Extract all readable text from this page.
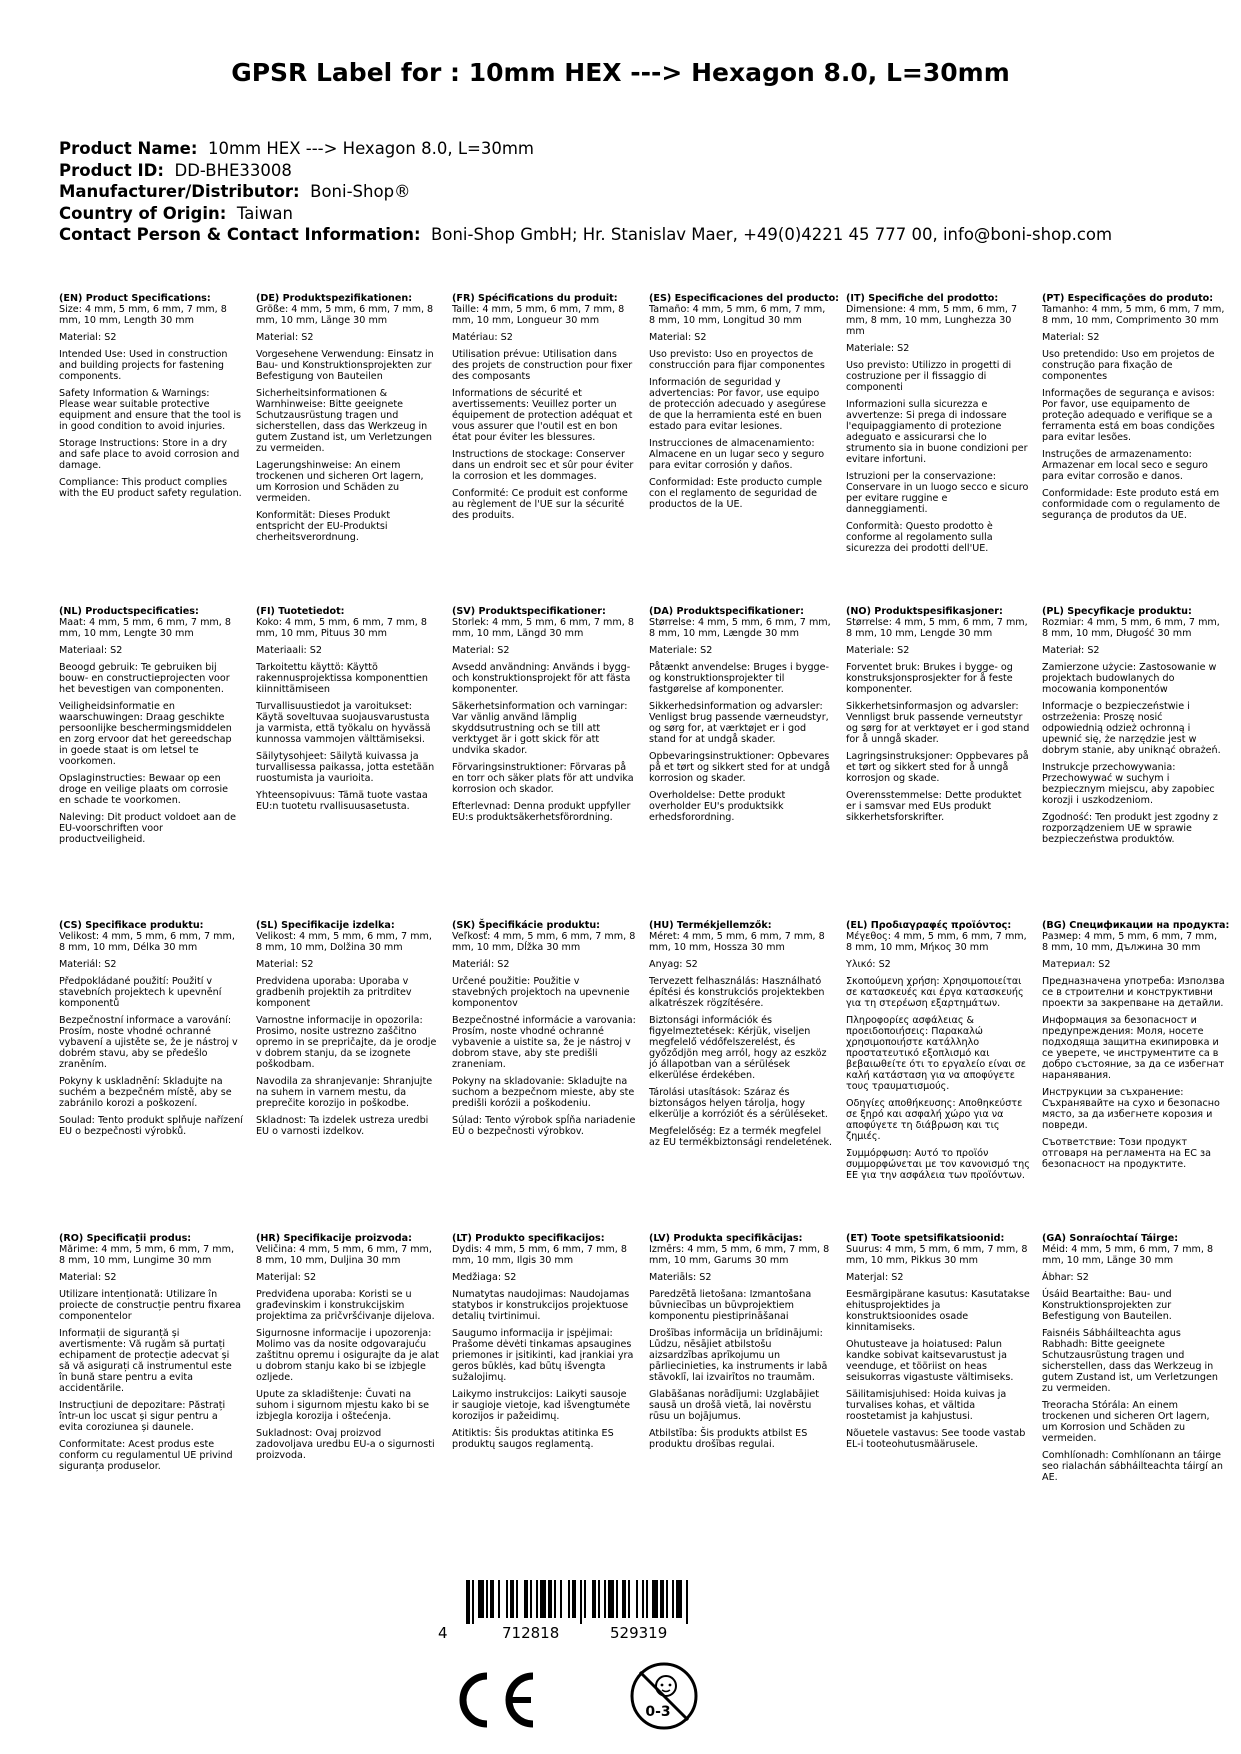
GPSR Label for : 10mm HEX ---> Hexagon 8.0, L=30mm
Product Name: 10mm HEX ---> Hexagon 8.0, L=30mm
Product ID: DD-BHE33008
Manufacturer/Distributor: Boni-Shop®
Country of Origin: Taiwan
Contact Person & Contact Information: Boni-Shop GmbH; Hr. Stanislav Maer, +49(0)4221 45 777 00, info@boni-shop.com
(EN) Product Specifications:

Size: 4 mm, 5 mm, 6 mm, 7 mm, 8 mm, 10 mm, Length 30 mm

Material: S2

Intended Use: Used in construction and building projects for fastening components.

Safety Information & Warnings: Please wear suitable protective equipment and ensure that the tool is in good condition to avoid injuries.

Storage Instructions: Store in a dry and safe place to avoid corrosion and damage.

Compliance: This product complies with the EU product safety regulation.

(DE) Produktspezifikationen:

Größe: 4 mm, 5 mm, 6 mm, 7 mm, 8 mm, 10 mm, Länge 30 mm

Material: S2

Vorgesehene Verwendung: Einsatz in Bau- und Konstruktionsprojekten zur Befestigung von Bauteilen

Sicherheitsinformationen & Warnhinweise: Bitte geeignete Schutzausrüstung tragen und sicherstellen, dass das Werkzeug in gutem Zustand ist, um Verletzungen zu vermeiden.

Lagerungshinweise: An einem trockenen und sicheren Ort lagern, um Korrosion und Schäden zu vermeiden.

Konformität: Dieses Produkt entspricht der EU-Produktsi cherheitsverordnung.

(FR) Spécifications du produit:

Taille: 4 mm, 5 mm, 6 mm, 7 mm, 8 mm, 10 mm, Longueur 30 mm

Matériau: S2

Utilisation prévue: Utilisation dans des projets de construction pour fixer des composants

Informations de sécurité et avertissements: Veuillez porter un équipement de protection adéquat et vous assurer que l'outil est en bon état pour éviter les blessures.

Instructions de stockage: Conserver dans un endroit sec et sûr pour éviter la corrosion et les dommages.

Conformité: Ce produit est conforme au règlement de l'UE sur la sécurité des produits.

(ES) Especificaciones del producto:

Tamaño: 4 mm, 5 mm, 6 mm, 7 mm, 8 mm, 10 mm, Longitud 30 mm

Material: S2

Uso previsto: Uso en proyectos de construcción para fijar componentes

Información de seguridad y advertencias: Por favor, use equipo de protección adecuado y asegúrese de que la herramienta esté en buen estado para evitar lesiones.

Instrucciones de almacenamiento: Almacene en un lugar seco y seguro para evitar corrosión y daños.

Conformidad: Este producto cumple con el reglamento de seguridad de productos de la UE.

(IT) Specifiche del prodotto:

Dimensione: 4 mm, 5 mm, 6 mm, 7 mm, 8 mm, 10 mm, Lunghezza 30 mm

Materiale: S2

Uso previsto: Utilizzo in progetti di costruzione per il fissaggio di componenti

Informazioni sulla sicurezza e avvertenze: Si prega di indossare l'equipaggiamento di protezione adeguato e assicurarsi che lo strumento sia in buone condizioni per evitare infortuni.

Istruzioni per la conservazione: Conservare in un luogo secco e sicuro per evitare ruggine e danneggiamenti.

Conformità: Questo prodotto è conforme al regolamento sulla sicurezza dei prodotti dell'UE.

(PT) Especificações do produto:

Tamanho: 4 mm, 5 mm, 6 mm, 7 mm, 8 mm, 10 mm, Comprimento 30 mm

Material: S2

Uso pretendido: Uso em projetos de construção para fixação de componentes

Informações de segurança e avisos: Por favor, use equipamento de proteção adequado e verifique se a ferramenta está em boas condições para evitar lesões.

Instruções de armazenamento: Armazenar em local seco e seguro para evitar corrosão e danos.

Conformidade: Este produto está em conformidade com o regulamento de segurança de produtos da UE.

(NL) Productspecificaties:

Maat: 4 mm, 5 mm, 6 mm, 7 mm, 8 mm, 10 mm, Lengte 30 mm

Materiaal: S2

Beoogd gebruik: Te gebruiken bij bouw- en constructieprojecten voor het bevestigen van componenten.

Veiligheidsinformatie en waarschuwingen: Draag geschikte persoonlijke beschermingsmiddelen en zorg ervoor dat het gereedschap in goede staat is om letsel te voorkomen.

Opslaginstructies: Bewaar op een droge en veilige plaats om corrosie en schade te voorkomen.

Naleving: Dit product voldoet aan de EU-voorschriften voor productveiligheid.

(FI) Tuotetiedot:

Koko: 4 mm, 5 mm, 6 mm, 7 mm, 8 mm, 10 mm, Pituus 30 mm

Materiaali: S2

Tarkoitettu käyttö: Käyttö rakennusprojektissa komponenttien kiinnittämiseen

Turvallisuustiedot ja varoitukset: Käytä soveltuvaa suojausvarustusta ja varmista, että työkalu on hyvässä kunnossa vammojen välttämiseksi.

Säilytysohjeet: Säilytä kuivassa ja turvallisessa paikassa, jotta estetään ruostumista ja vaurioita.

Yhteensopivuus: Tämä tuote vastaa EU:n tuotetu rvallisuusasetusta.

(SV) Produktspecifikationer:

Storlek: 4 mm, 5 mm, 6 mm, 7 mm, 8 mm, 10 mm, Längd 30 mm

Material: S2

Avsedd användning: Används i bygg- och konstruktionsprojekt för att fästa komponenter.

Säkerhetsinformation och varningar: Var vänlig använd lämplig skyddsutrustning och se till att verktyget är i gott skick för att undvika skador.

Förvaringsinstruktioner: Förvaras på en torr och säker plats för att undvika korrosion och skador.

Efterlevnad: Denna produkt uppfyller EU:s produktsäkerhetsförordning.

(DA) Produktspecifikationer:

Størrelse: 4 mm, 5 mm, 6 mm, 7 mm, 8 mm, 10 mm, Længde 30 mm

Materiale: S2

Påtænkt anvendelse: Bruges i bygge- og konstruktionsprojekter til fastgørelse af komponenter.

Sikkerhedsinformation og advarsler: Venligst brug passende værneudstyr, og sørg for, at værktøjet er i god stand for at undgå skader.

Opbevaringsinstruktioner: Opbevares på et tørt og sikkert sted for at undgå korrosion og skader.

Overholdelse: Dette produkt overholder EU's produktsikk erhedsforordning.

(NO) Produktspesifikasjoner:

Størrelse: 4 mm, 5 mm, 6 mm, 7 mm, 8 mm, 10 mm, Lengde 30 mm

Materiale: S2

Forventet bruk: Brukes i bygge- og konstruksjonsprosjekter for å feste komponenter.

Sikkerhetsinformasjon og advarsler: Vennligst bruk passende verneutstyr og sørg for at verktøyet er i god stand for å unngå skader.

Lagringsinstruksjoner: Oppbevares på et tørt og sikkert sted for å unngå korrosjon og skade.

Overensstemmelse: Dette produktet er i samsvar med EUs produkt sikkerhetsforskrifter.

(PL) Specyfikacje produktu:

Rozmiar: 4 mm, 5 mm, 6 mm, 7 mm, 8 mm, 10 mm, Długość 30 mm

Materiał: S2

Zamierzone użycie: Zastosowanie w projektach budowlanych do mocowania komponentów

Informacje o bezpieczeństwie i ostrzeżenia: Proszę nosić odpowiednią odzież ochronną i upewnić się, że narzędzie jest w dobrym stanie, aby uniknąć obrażeń.

Instrukcje przechowywania: Przechowywać w suchym i bezpiecznym miejscu, aby zapobiec korozji i uszkodzeniom.

Zgodność: Ten produkt jest zgodny z rozporządzeniem UE w sprawie bezpieczeństwa produktów.

(CS) Specifikace produktu:

Velikost: 4 mm, 5 mm, 6 mm, 7 mm, 8 mm, 10 mm, Délka 30 mm

Materiál: S2

Předpokládané použití: Použití v stavebních projektech k upevnění komponentů

Bezpečnostní informace a varování: Prosím, noste vhodné ochranné vybavení a ujistěte se, že je nástroj v dobrém stavu, aby se předešlo zraněním.

Pokyny k uskladnění: Skladujte na suchém a bezpečném místě, aby se zabránilo korozi a poškození.

Soulad: Tento produkt splňuje nařízení EU o bezpečnosti výrobků.

(SL) Specifikacije izdelka:

Velikost: 4 mm, 5 mm, 6 mm, 7 mm, 8 mm, 10 mm, Dolžina 30 mm

Material: S2

Predvidena uporaba: Uporaba v gradbenih projektih za pritrditev komponent

Varnostne informacije in opozorila: Prosimo, nosite ustrezno zaščitno opremo in se prepričajte, da je orodje v dobrem stanju, da se izognete poškodbam.

Navodila za shranjevanje: Shranjujte na suhem in varnem mestu, da preprečite korozijo in poškodbe.

Skladnost: Ta izdelek ustreza uredbi EU o varnosti izdelkov.

(SK) Špecifikácie produktu:

Veľkosť: 4 mm, 5 mm, 6 mm, 7 mm, 8 mm, 10 mm, Dĺžka 30 mm

Materiál: S2

Určené použitie: Použitie v stavebných projektoch na upevnenie komponentov

Bezpečnostné informácie a varovania: Prosím, noste vhodné ochranné vybavenie a uistite sa, že je nástroj v dobrom stave, aby ste predišli zraneniam.

Pokyny na skladovanie: Skladujte na suchom a bezpečnom mieste, aby ste predišli korózii a poškodeniu.

Súlad: Tento výrobok spĺňa nariadenie EÚ o bezpečnosti výrobkov.

(HU) Termékjellemzők:

Méret: 4 mm, 5 mm, 6 mm, 7 mm, 8 mm, 10 mm, Hossza 30 mm

Anyag: S2

Tervezett felhasználás: Használható építési és konstrukciós projektekben alkatrészek rögzítésére.

Biztonsági információk és figyelmeztetések: Kérjük, viseljen megfelelő védőfelszerelést, és győződjön meg arról, hogy az eszköz jó állapotban van a sérülések elkerülése érdekében.

Tárolási utasítások: Száraz és biztonságos helyen tárolja, hogy elkerülje a korróziót és a sérüléseket.

Megfelelőség: Ez a termék megfelel az EU termékbiztonsági rendeletének.

(EL) Προδιαγραφές προϊόντος:

Μέγεθος: 4 mm, 5 mm, 6 mm, 7 mm, 8 mm, 10 mm, Μήκος 30 mm

Υλικό: S2

Σκοπούμενη χρήση: Χρησιμοποιείται σε κατασκευές και έργα κατασκευής για τη στερέωση εξαρτημάτων.

Πληροφορίες ασφάλειας & προειδοποιήσεις: Παρακαλώ χρησιμοποιήστε κατάλληλο προστατευτικό εξοπλισμό και βεβαιωθείτε ότι το εργαλείο είναι σε καλή κατάσταση για να αποφύγετε τους τραυματισμούς.

Οδηγίες αποθήκευσης: Αποθηκεύστε σε ξηρό και ασφαλή χώρο για να αποφύγετε τη διάβρωση και τις ζημιές.

Συμμόρφωση: Αυτό το προϊόν συμμορφώνεται με τον κανονισμό της ΕΕ για την ασφάλεια των προϊόντων.

(BG) Спецификации на продукта:

Размер: 4 mm, 5 mm, 6 mm, 7 mm, 8 mm, 10 mm, Дължина 30 mm

Материал: S2

Предназначена употреба: Използва се в строителни и конструктивни проекти за закрепване на детайли.

Информация за безопасност и предупреждения: Моля, носете подходяща защитна екипировка и се уверете, че инструментите са в добро състояние, за да се избегнат наранявания.

Инструкции за съхранение: Съхранявайте на сухо и безопасно място, за да избегнете корозия и повреди.

Съответствие: Този продукт отговаря на регламента на ЕС за безопасност на продуктите.

(RO) Specificații produs:

Mărime: 4 mm, 5 mm, 6 mm, 7 mm, 8 mm, 10 mm, Lungime 30 mm

Material: S2

Utilizare intenționată: Utilizare în proiecte de construcție pentru fixarea componentelor

Informații de siguranță și avertismente: Vă rugăm să purtați echipament de protecție adecvat și să vă asigurați că instrumentul este în bună stare pentru a evita accidentările.

Instrucțiuni de depozitare: Păstrați într-un loc uscat și sigur pentru a evita coroziunea și daunele.

Conformitate: Acest produs este conform cu regulamentul UE privind siguranța produselor.

(HR) Specifikacije proizvoda:

Veličina: 4 mm, 5 mm, 6 mm, 7 mm, 8 mm, 10 mm, Duljina 30 mm

Materijal: S2

Predviđena uporaba: Koristi se u građevinskim i konstrukcijskim projektima za pričvršćivanje dijelova.

Sigurnosne informacije i upozorenja: Molimo vas da nosite odgovarajuću zaštitnu opremu i osigurajte da je alat u dobrom stanju kako bi se izbjegle ozljede.

Upute za skladištenje: Čuvati na suhom i sigurnom mjestu kako bi se izbjegla korozija i oštećenja.

Sukladnost: Ovaj proizvod zadovoljava uredbu EU-a o sigurnosti proizvoda.

(LT) Produkto specifikacijos:

Dydis: 4 mm, 5 mm, 6 mm, 7 mm, 8 mm, 10 mm, Ilgis 30 mm

Medžiaga: S2

Numatytas naudojimas: Naudojamas statybos ir konstrukcijos projektuose detalių tvirtinimui.

Saugumo informacija ir įspėjimai: Prašome dėvėti tinkamas apsaugines priemones ir įsitikinti, kad įrankiai yra geros būklės, kad būtų išvengta sužalojimų.

Laikymo instrukcijos: Laikyti sausoje ir saugioje vietoje, kad išvengtumėte korozijos ir pažeidimų.

Atitiktis: Šis produktas atitinka ES produktų saugos reglamentą.

(LV) Produkta specifikācijas:

Izmērs: 4 mm, 5 mm, 6 mm, 7 mm, 8 mm, 10 mm, Garums 30 mm

Materiāls: S2

Paredzētā lietošana: Izmantošana būvniecības un būvprojektiem komponentu piestiprināšanai

Drošības informācija un brīdinājumi: Lūdzu, nēsājiet atbilstošu aizsardzības aprīkojumu un pārliecinieties, ka instruments ir labā stāvoklī, lai izvairītos no traumām.

Glabāšanas norādījumi: Uzglabājiet sausā un drošā vietā, lai novērstu rūsu un bojājumus.

Atbilstība: Šis produkts atbilst ES produktu drošības regulai.

(ET) Toote spetsifikatsioonid:

Suurus: 4 mm, 5 mm, 6 mm, 7 mm, 8 mm, 10 mm, Pikkus 30 mm

Materjal: S2

Eesmärgipärane kasutus: Kasutatakse ehitusprojektides ja konstruktsioonides osade kinnitamiseks.

Ohutusteave ja hoiatused: Palun kandke sobivat kaitsevarustust ja veenduge, et tööriist on heas seisukorras vigastuste vältimiseks.

Säilitamisjuhised: Hoida kuivas ja turvalises kohas, et vältida roostetamist ja kahjustusi.

Nõuetele vastavus: See toode vastab EL-i tooteohutusmäärusele.

(GA) Sonraíochtaí Táirge:

Méid: 4 mm, 5 mm, 6 mm, 7 mm, 8 mm, 10 mm, Länge 30 mm

Ábhar: S2

Úsáid Beartaithe: Bau- und Konstruktionsprojekten zur Befestigung von Bauteilen.

Faisnéis Sábháilteachta agus Rabhadh: Bitte geeignete Schutzausrüstung tragen und sicherstellen, dass das Werkzeug in gutem Zustand ist, um Verletzungen zu vermeiden.

Treoracha Stórála: An einem trockenen und sicheren Ort lagern, um Korrosion und Schäden zu vermeiden.

Comhlíonadh: Comhlíonann an táirge seo rialachán sábháilteachta táirgí an AE.

4	712818	529319
0-3
